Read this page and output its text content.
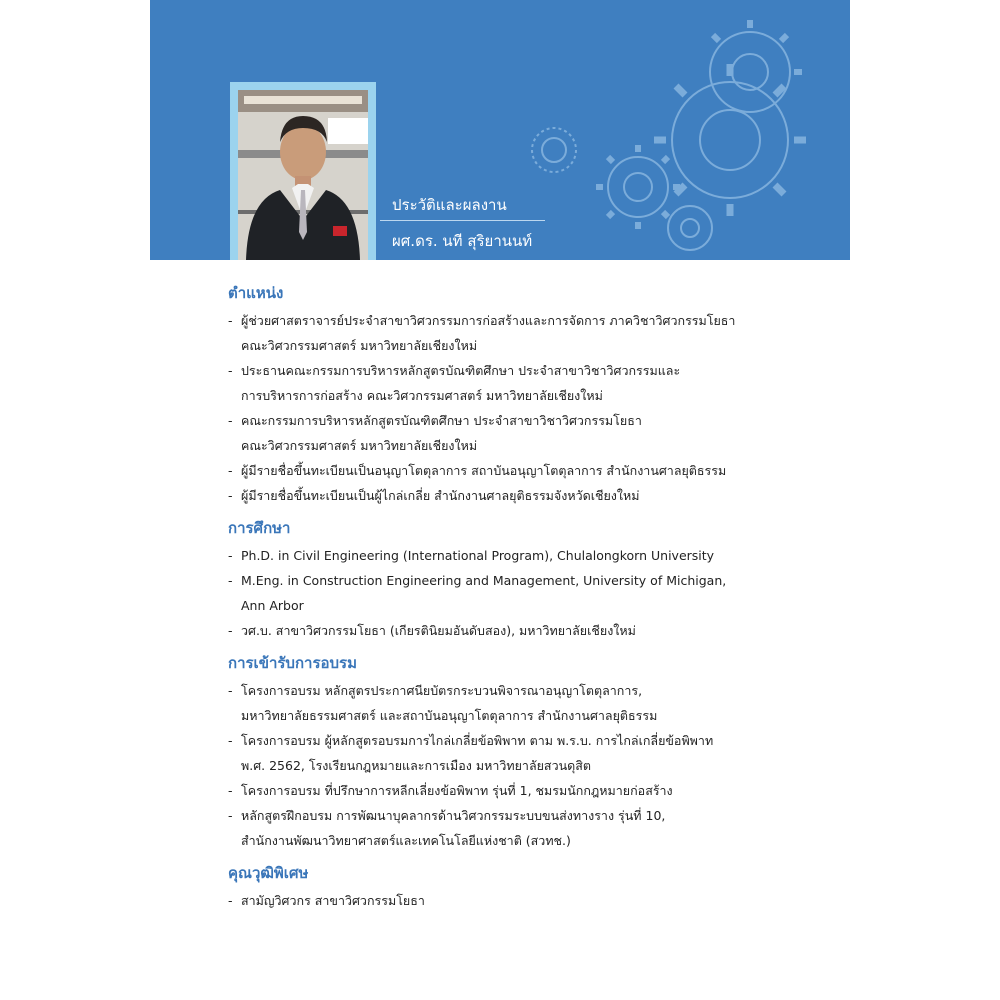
ประวัติและผลงาน
ผศ.ดร. นที สุริยานนท์
ตำแหน่ง
- ผู้ช่วยศาสตราจารย์ประจำสาขาวิศวกรรมการก่อสร้างและการจัดการ ภาควิชาวิศวกรรมโยธา
คณะวิศวกรรมศาสตร์ มหาวิทยาลัยเชียงใหม่
- ประธานคณะกรรมการบริหารหลักสูตรบัณฑิตศึกษา ประจำสาขาวิชาวิศวกรรมและ
การบริหารการก่อสร้าง คณะวิศวกรรมศาสตร์ มหาวิทยาลัยเชียงใหม่
- คณะกรรมการบริหารหลักสูตรบัณฑิตศึกษา ประจำสาขาวิชาวิศวกรรมโยธา
คณะวิศวกรรมศาสตร์ มหาวิทยาลัยเชียงใหม่
- ผู้มีรายชื่อขึ้นทะเบียนเป็นอนุญาโตตุลาการ สถาบันอนุญาโตตุลาการ สำนักงานศาลยุติธรรม
- ผู้มีรายชื่อขึ้นทะเบียนเป็นผู้ไกล่เกลี่ย สำนักงานศาลยุติธรรมจังหวัดเชียงใหม่
การศึกษา
- Ph.D. in Civil Engineering (International Program), Chulalongkorn University
- M.Eng. in Construction Engineering and Management, University of Michigan,
Ann Arbor
- วศ.บ. สาขาวิศวกรรมโยธา (เกียรตินิยมอันดับสอง), มหาวิทยาลัยเชียงใหม่
การเข้ารับการอบรม
- โครงการอบรม หลักสูตรประกาศนียบัตรกระบวนพิจารณาอนุญาโตตุลาการ,
มหาวิทยาลัยธรรมศาสตร์ และสถาบันอนุญาโตตุลาการ สำนักงานศาลยุติธรรม
- โครงการอบรม ผู้หลักสูตรอบรมการไกล่เกลี่ยข้อพิพาท ตาม พ.ร.บ. การไกล่เกลี่ยข้อพิพาท
พ.ศ. 2562, โรงเรียนกฎหมายและการเมือง มหาวิทยาลัยสวนดุสิต
- โครงการอบรม ที่ปรึกษาการหลีกเลี่ยงข้อพิพาท รุ่นที่ 1, ชมรมนักกฎหมายก่อสร้าง
- หลักสูตรฝึกอบรม การพัฒนาบุคลากรด้านวิศวกรรมระบบขนส่งทางราง รุ่นที่ 10,
สำนักงานพัฒนาวิทยาศาสตร์และเทคโนโลยีแห่งชาติ (สวทช.)
คุณวุฒิพิเศษ
- สามัญวิศวกร สาขาวิศวกรรมโยธา
